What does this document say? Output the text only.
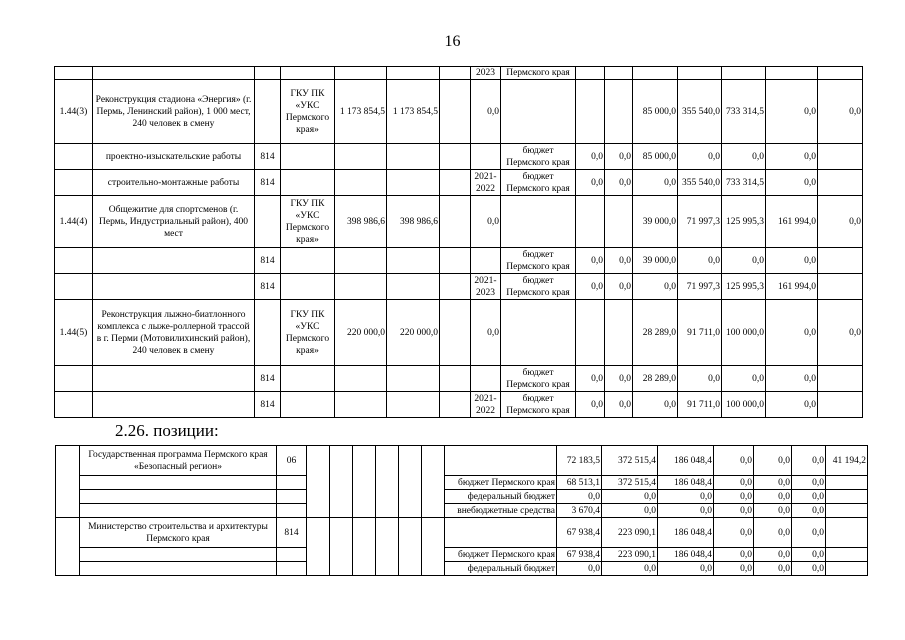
16
							2023	Пермского края							
1.44(3)	Реконструкция стадиона «Энергия» (г. Пермь, Ленинский район), 1 000 мест, 240 человек в смену		ГКУ ПК «УКС Пермского края»	1 173 854,5	1 173 854,5		0,0				85 000,0	355 540,0	733 314,5	0,0	0,0
	проектно-изыскательские работы	814						бюджет Пермского края	0,0	0,0	85 000,0	0,0	0,0	0,0	
	строительно-монтажные работы	814					2021-2022	бюджет Пермского края	0,0	0,0	0,0	355 540,0	733 314,5	0,0	
1.44(4)	Общежитие для спортсменов (г. Пермь, Индустриальный район), 400 мест		ГКУ ПК «УКС Пермского края»	398 986,6	398 986,6		0,0				39 000,0	71 997,3	125 995,3	161 994,0	0,0
		814						бюджет Пермского края	0,0	0,0	39 000,0	0,0	0,0	0,0	
		814					2021-2023	бюджет Пермского края	0,0	0,0	0,0	71 997,3	125 995,3	161 994,0	
1.44(5)	Реконструкция лыжно-биатлонного комплекса с лыже-роллерной трассой в г. Перми (Мотовилихинский район), 240 человек в смену		ГКУ ПК «УКС Пермского края»	220 000,0	220 000,0		0,0				28 289,0	91 711,0	100 000,0	0,0	0,0
		814						бюджет Пермского края	0,0	0,0	28 289,0	0,0	0,0	0,0	
		814					2021-2022	бюджет Пермского края	0,0	0,0	0,0	91 711,0	100 000,0	0,0	
2.26. позиции:
	Государственная программа Пермского края «Безопасный регион»	06								72 183,5	372 515,4	186 048,4	0,0	0,0	0,0	41 194,2
									бюджет Пермского края	68 513,1	372 515,4	186 048,4	0,0	0,0	0,0	
									федеральный бюджет	0,0	0,0	0,0	0,0	0,0	0,0	
									внебюджетные средства	3 670,4	0,0	0,0	0,0	0,0	0,0	
	Министерство строительства и архитектуры Пермского края	814								67 938,4	223 090,1	186 048,4	0,0	0,0	0,0	
									бюджет Пермского края	67 938,4	223 090,1	186 048,4	0,0	0,0	0,0	
									федеральный бюджет	0,0	0,0	0,0	0,0	0,0	0,0	
